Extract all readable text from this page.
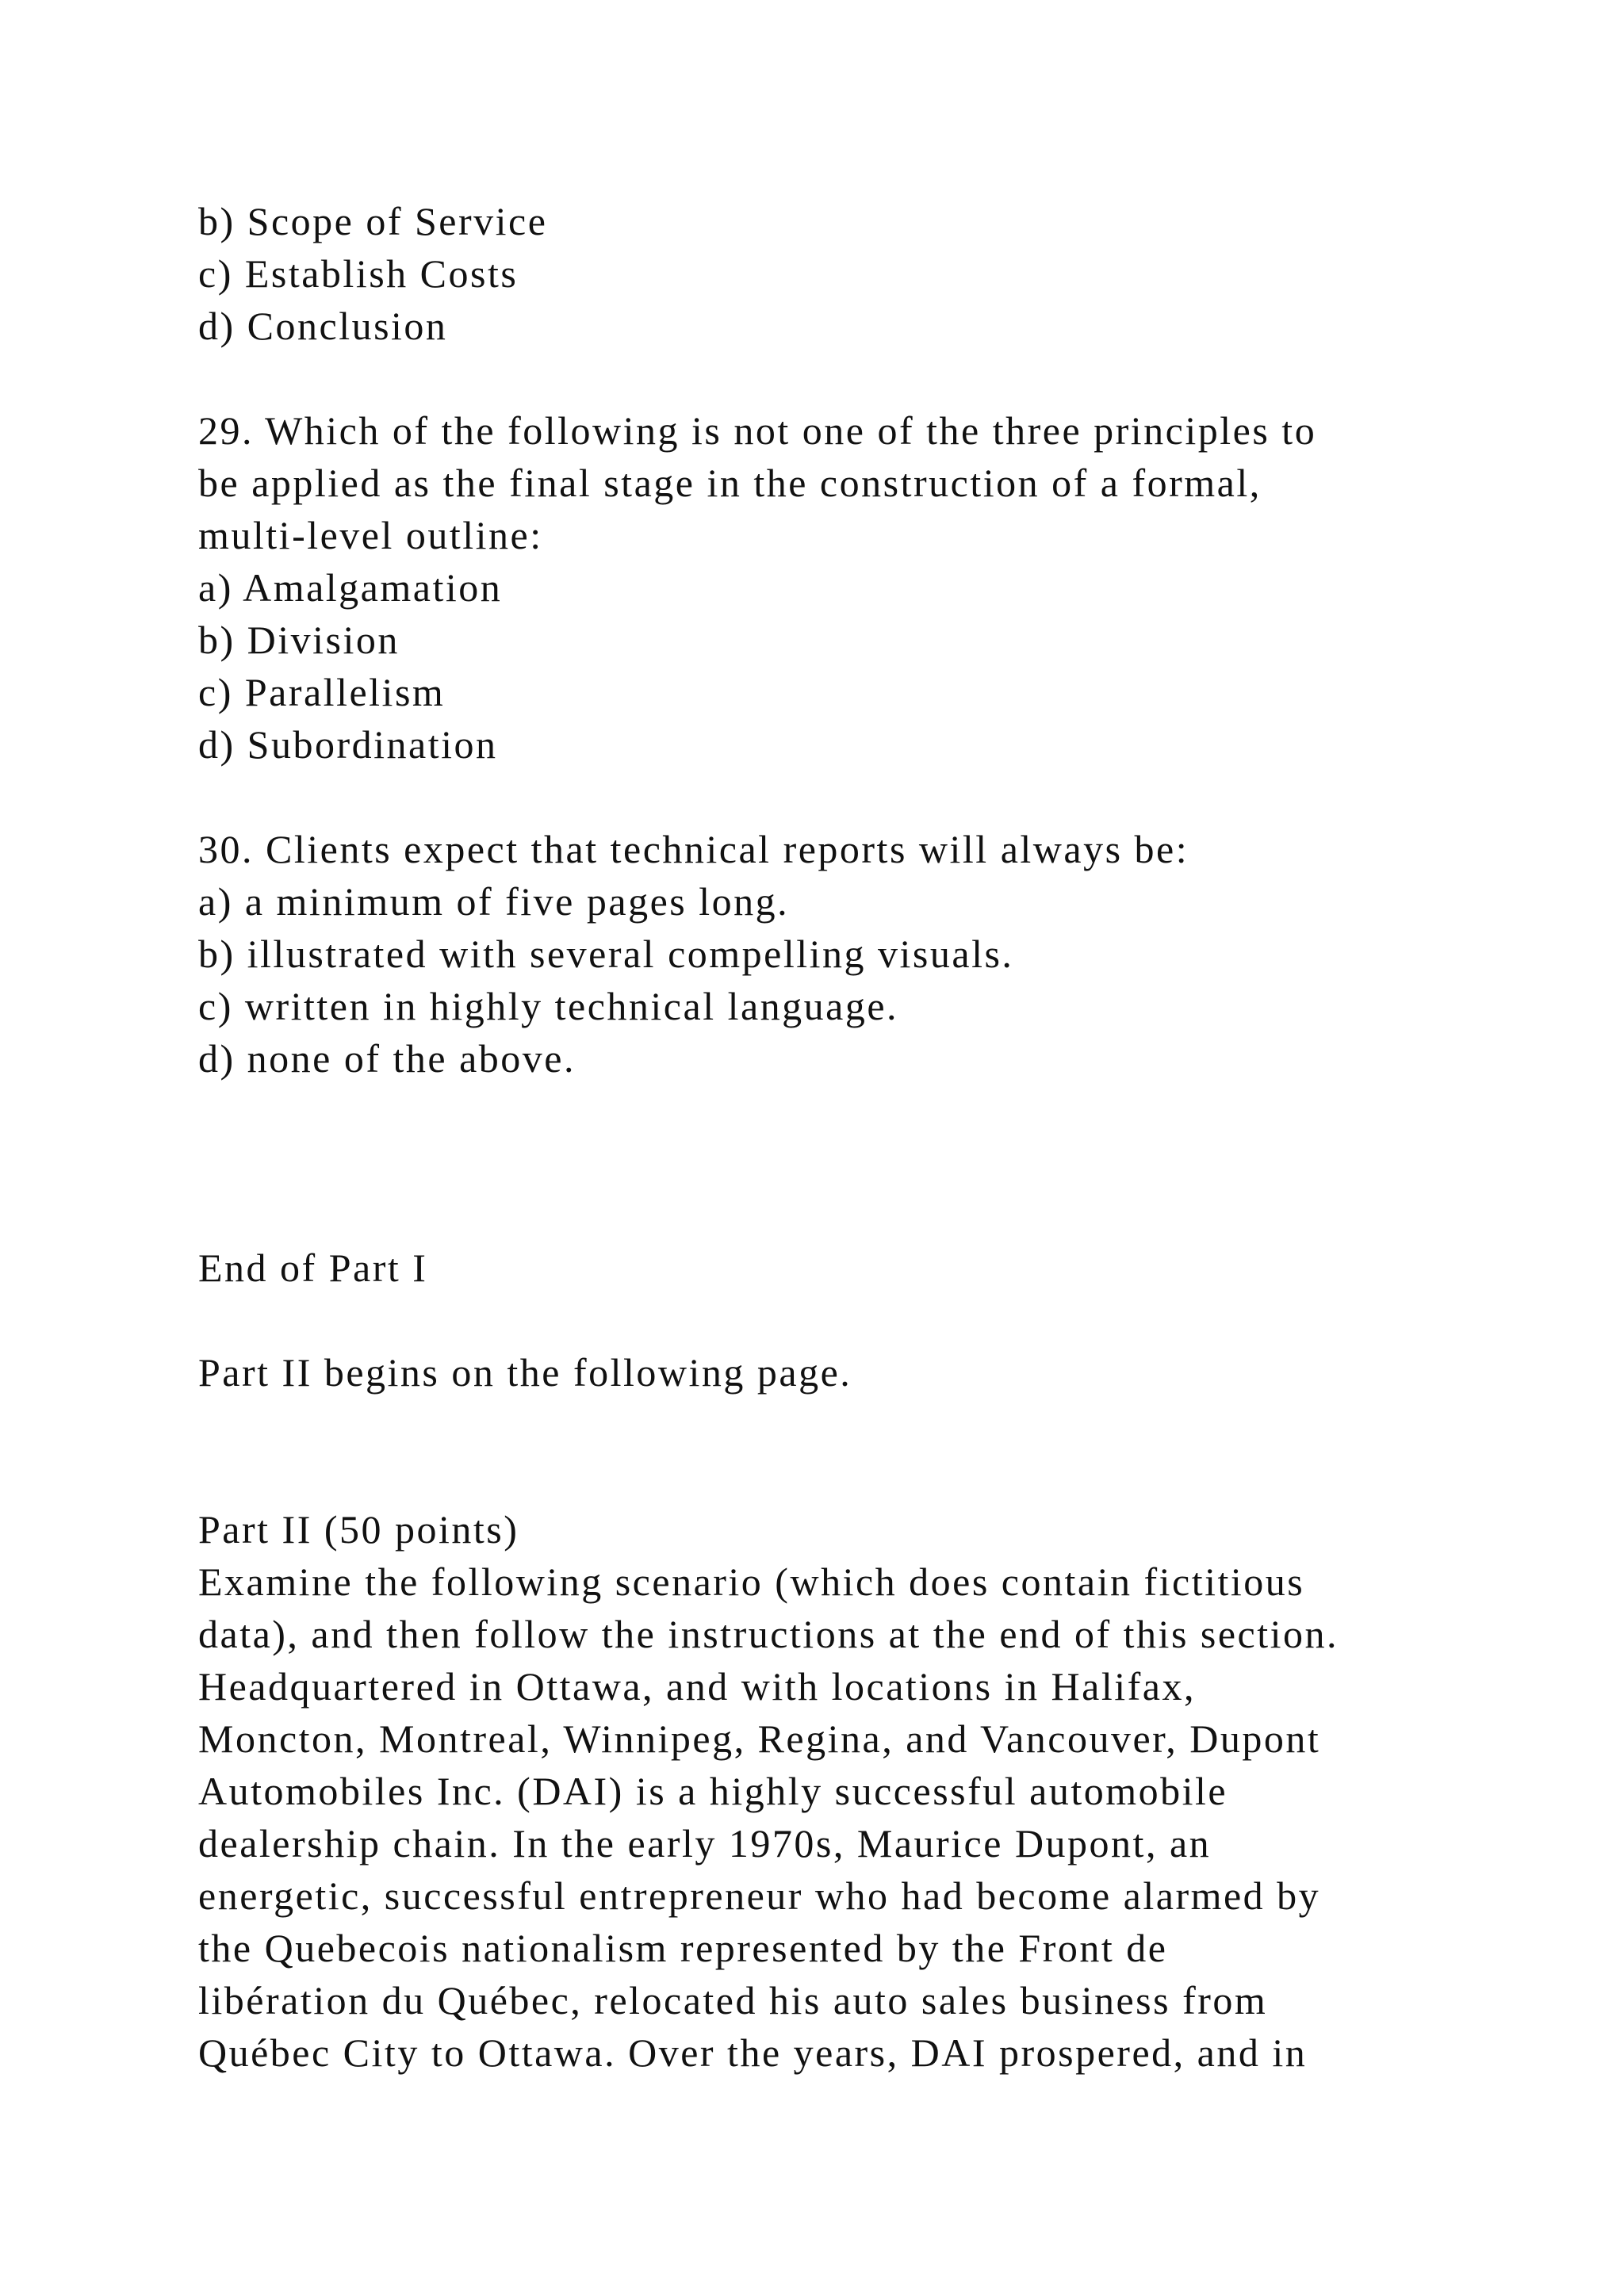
b) Scope of Service
c) Establish Costs
d) Conclusion
29. Which of the following is not one of the three principles to
be applied as the final stage in the construction of a formal,
multi-level outline:
a) Amalgamation
b) Division
c) Parallelism
d) Subordination
30. Clients expect that technical reports will always be:
a) a minimum of five pages long.
b) illustrated with several compelling visuals.
c) written in highly technical language.
d) none of the above.
End of Part I
Part II begins on the following page.
Part II (50 points)
Examine the following scenario (which does contain fictitious
data), and then follow the instructions at the end of this section.
Headquartered in Ottawa, and with locations in Halifax,
Moncton, Montreal, Winnipeg, Regina, and Vancouver, Dupont
Automobiles Inc. (DAI) is a highly successful automobile
dealership chain. In the early 1970s, Maurice Dupont, an
energetic, successful entrepreneur who had become alarmed by
the Quebecois nationalism represented by the Front de
libération du Québec, relocated his auto sales business from
Québec City to Ottawa. Over the years, DAI prospered, and in
